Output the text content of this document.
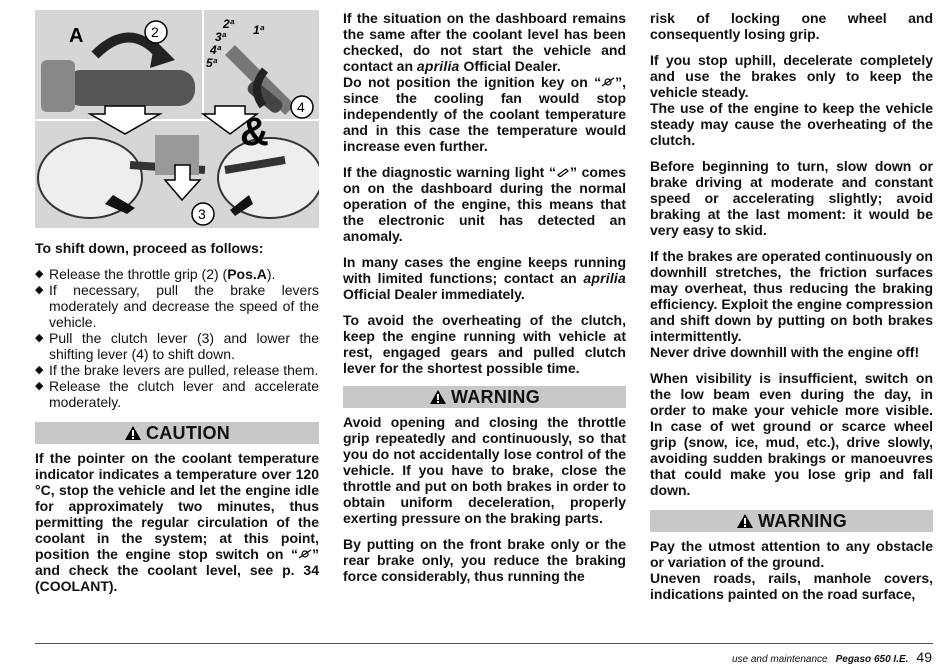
A	2
4
3
&
2ª
3ª
4ª
5ª
1ª
To shift down, proceed as follows:
◆ Release the throttle grip (2) (Pos.A).
◆ If necessary, pull the brake levers moderately and decrease the speed of the vehicle.
◆ Pull the clutch lever (3) and lower the shifting lever (4) to shift down.
◆ If the brake levers are pulled, release them.
◆ Release the clutch lever and accelerate moderately.
CAUTION

If the pointer on the coolant temperature indicator indicates a temperature over 120 °C, stop the vehicle and let the engine idle for approximately two minutes, thus permitting the regular circulation of the coolant in the system; at this point, position the engine stop switch on “ ” and check the coolant level, see p. 34 (COOLANT).

If the situation on the dashboard remains the same after the coolant level has been checked, do not start the vehicle and contact an aprilia Official Dealer.

Do not position the ignition key on “ ”, since the cooling fan would stop independently of the coolant temperature and in this case the temperature would increase even further.

If the diagnostic warning light “ ” comes on on the dashboard during the normal operation of the engine, this means that the electronic unit has detected an anomaly.

In many cases the engine keeps running with limited functions; contact an aprilia Official Dealer immediately.

To avoid the overheating of the clutch, keep the engine running with vehicle at rest, engaged gears and pulled clutch lever for the shortest possible time.

WARNING

Avoid opening and closing the throttle grip repeatedly and continuously, so that you do not accidentally lose control of the vehicle. If you have to brake, close the throttle and put on both brakes in order to obtain uniform deceleration, properly exerting pressure on the braking parts.

By putting on the front brake only or the rear brake only, you reduce the braking force considerably, thus running the

risk of locking one wheel and consequently losing grip.

If you stop uphill, decelerate completely and use the brakes only to keep the vehicle steady.

The use of the engine to keep the vehicle steady may cause the overheating of the clutch.

Before beginning to turn, slow down or brake driving at moderate and constant speed or accelerating slightly; avoid braking at the last moment: it would be very easy to skid.

If the brakes are operated continuously on downhill stretches, the friction surfaces may overheat, thus reducing the braking efficiency. Exploit the engine compression and shift down by putting on both brakes intermittently.

Never drive downhill with the engine off!

When visibility is insufficient, switch on the low beam even during the day, in order to make your vehicle more visible. In case of wet ground or scarce wheel grip (snow, ice, mud, etc.), drive slowly, avoiding sudden brakings or manoeuvres that could make you lose grip and fall down.

WARNING

Pay the utmost attention to any obstacle or variation of the ground.

Uneven roads, rails, manhole covers, indications painted on the road surface,

use and maintenance Pegaso 650 I.E. 49
